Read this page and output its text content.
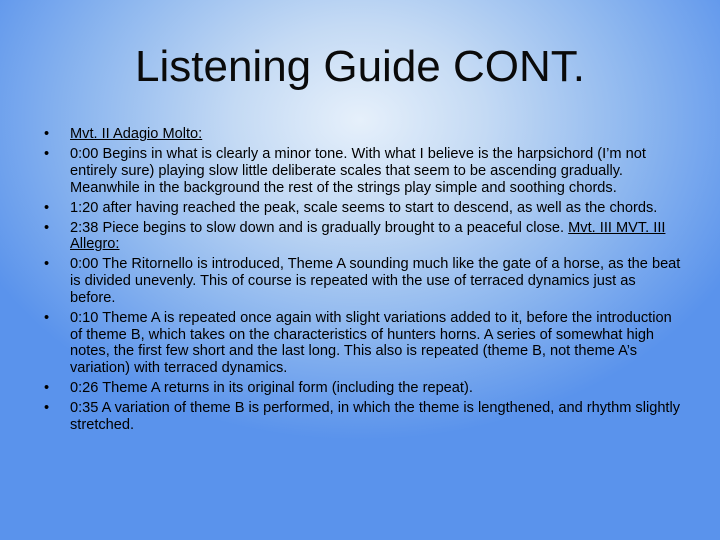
Listening Guide CONT.
• Mvt. II Adagio Molto:
• 0:00 Begins in what is clearly a minor tone. With what I believe is the harpsichord (I’m not entirely sure) playing slow little deliberate scales that seem to be ascending gradually. Meanwhile in the background the rest of the strings play simple and soothing chords.
• 1:20 after having reached the peak, scale seems to start to descend, as well as the chords.
• 2:38 Piece begins to slow down and is gradually brought to a peaceful close. Mvt. III MVT. III Allegro:
• 0:00 The Ritornello is introduced, Theme A sounding much like the gate of a horse, as the beat is divided unevenly. This of course is repeated with the use of terraced dynamics just as before.
• 0:10 Theme A is repeated once again with slight variations added to it, before the introduction of theme B, which takes on the characteristics of hunters horns. A series of somewhat high notes, the first few short and the last long. This also is repeated (theme B, not theme A’s variation) with terraced dynamics.
• 0:26 Theme A returns in its original form (including the repeat).
• 0:35 A variation of theme B is performed, in which the theme is lengthened, and rhythm slightly stretched.
